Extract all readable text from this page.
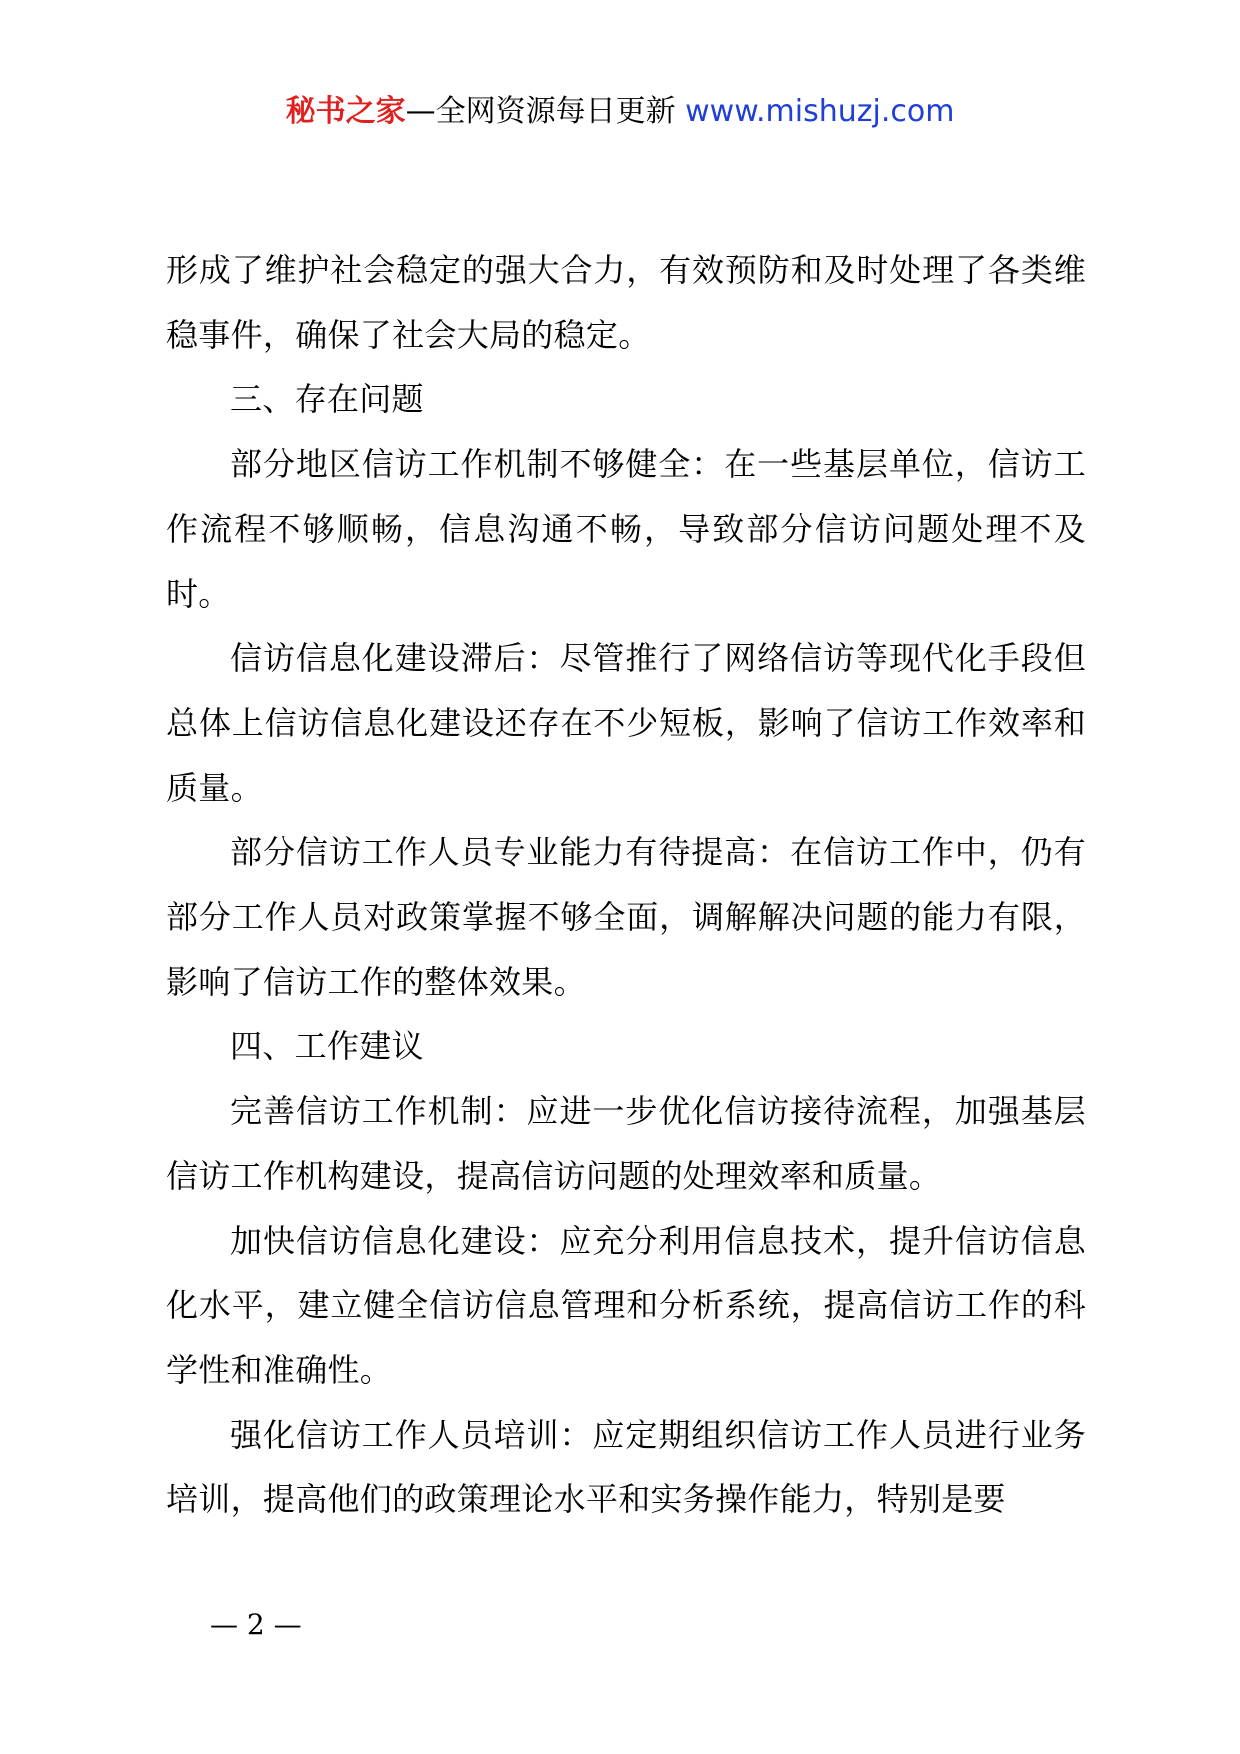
秘书之家—全网资源每日更新 www.mishuzj.com

形成了维护社会稳定的强大合力，有效预防和及时处理了各类维稳事件，确保了社会大局的稳定。

三、存在问题

部分地区信访工作机制不够健全：在一些基层单位，信访工作流程不够顺畅，信息沟通不畅，导致部分信访问题处理不及时。

信访信息化建设滞后：尽管推行了网络信访等现代化手段但总体上信访信息化建设还存在不少短板，影响了信访工作效率和质量。

部分信访工作人员专业能力有待提高：在信访工作中，仍有部分工作人员对政策掌握不够全面，调解解决问题的能力有限，影响了信访工作的整体效果。

四、工作建议

完善信访工作机制：应进一步优化信访接待流程，加强基层信访工作机构建设，提高信访问题的处理效率和质量。

加快信访信息化建设：应充分利用信息技术，提升信访信息化水平，建立健全信访信息管理和分析系统，提高信访工作的科学性和准确性。

强化信访工作人员培训：应定期组织信访工作人员进行业务培训，提高他们的政策理论水平和实务操作能力，特别是要

— 2 —
